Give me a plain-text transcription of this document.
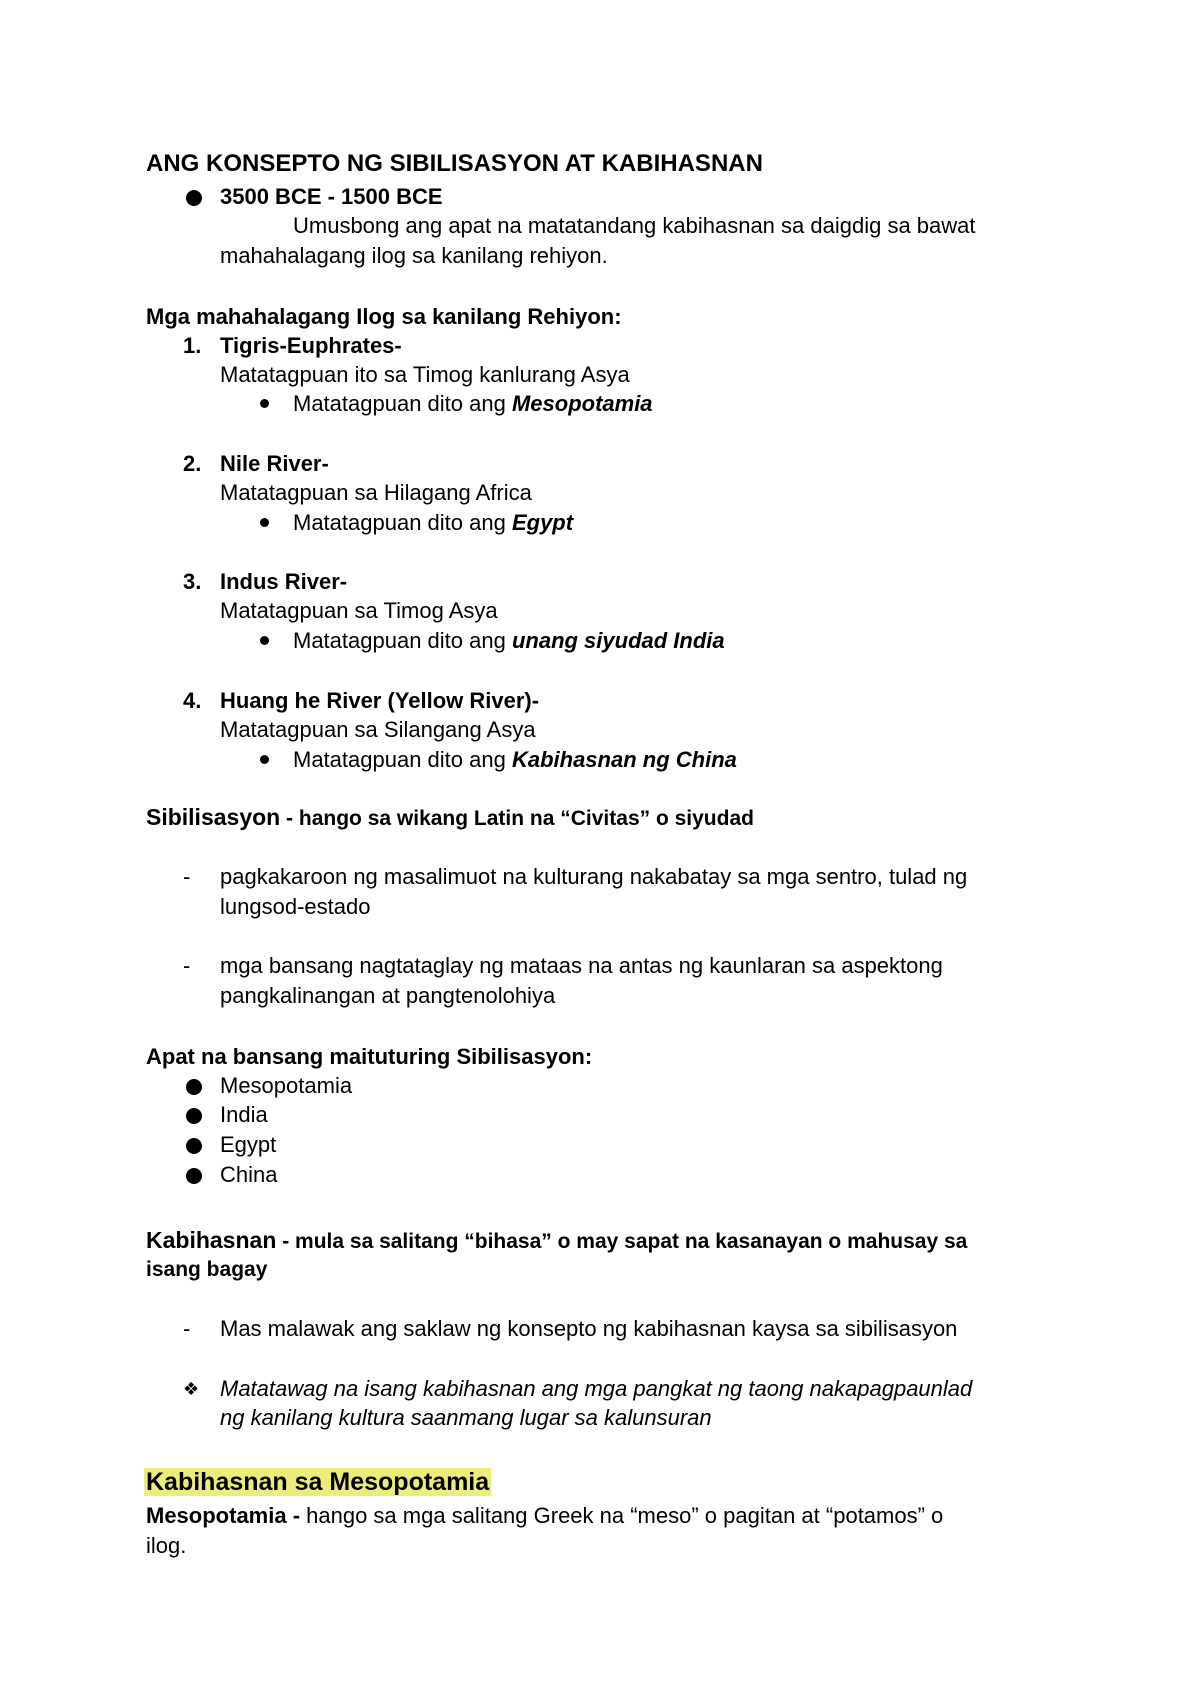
ANG KONSEPTO NG SIBILISASYON AT KABIHASNAN
3500 BCE - 1500 BCE
Umusbong ang apat na matatandang kabihasnan sa daigdig sa bawat
mahahalagang ilog sa kanilang rehiyon.
Mga mahahalagang Ilog sa kanilang Rehiyon:
1. Tigris-Euphrates-
Matatagpuan ito sa Timog kanlurang Asya
Matatagpuan dito ang Mesopotamia
2. Nile River-
Matatagpuan sa Hilagang Africa
Matatagpuan dito ang Egypt
3. Indus River-
Matatagpuan sa Timog Asya
Matatagpuan dito ang unang siyudad India
4. Huang he River (Yellow River)-
Matatagpuan sa Silangang Asya
Matatagpuan dito ang Kabihasnan ng China
Sibilisasyon - hango sa wikang Latin na “Civitas” o siyudad
- pagkakaroon ng masalimuot na kulturang nakabatay sa mga sentro, tulad ng
lungsod-estado
- mga bansang nagtataglay ng mataas na antas ng kaunlaran sa aspektong
pangkalinangan at pangtenolohiya
Apat na bansang maituturing Sibilisasyon:
Mesopotamia
India
Egypt
China
Kabihasnan - mula sa salitang “bihasa” o may sapat na kasanayan o mahusay sa
isang bagay
- Mas malawak ang saklaw ng konsepto ng kabihasnan kaysa sa sibilisasyon
❖ Matatawag na isang kabihasnan ang mga pangkat ng taong nakapagpaunlad
ng kanilang kultura saanmang lugar sa kalunsuran
Kabihasnan sa Mesopotamia
Mesopotamia - hango sa mga salitang Greek na “meso” o pagitan at “potamos” o
ilog.
